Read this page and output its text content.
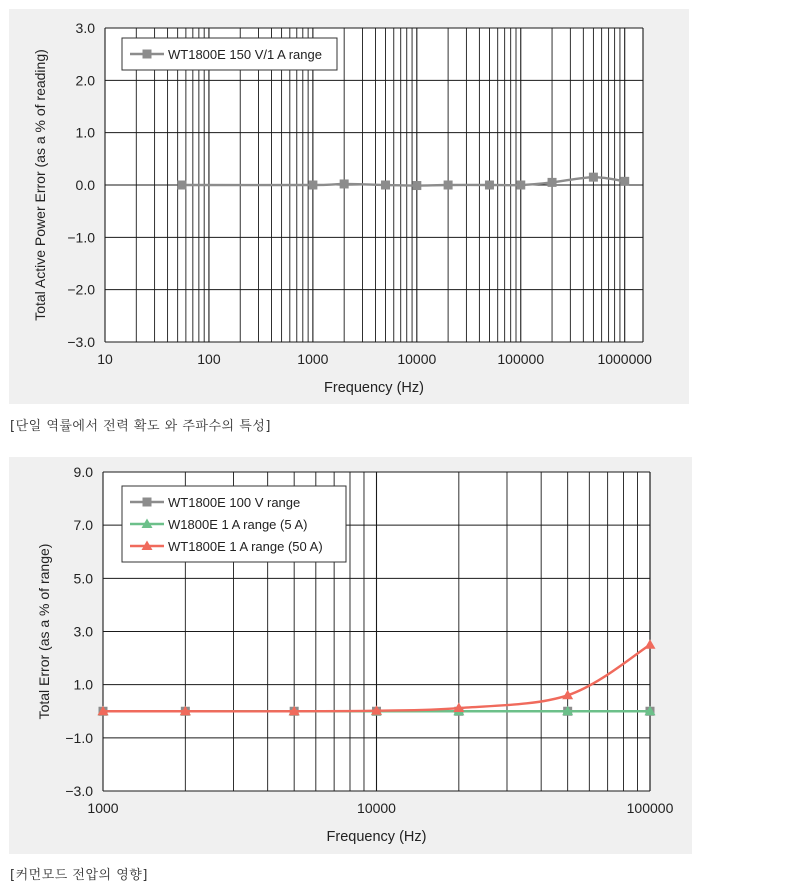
3.0
2.0
1.0
0.0
−1.0
−2.0
−3.0
10	100	1000	10000	100000	1000000
Frequency (Hz)
Total Active Power Error (as a % of reading)	WT1800E 150 V/1 A range
[단일 역률에서 전력 확도 와 주파수의 특성]
9.0
7.0
5.0
3.0
1.0
−1.0
−3.0
1000	10000	100000
Frequency (Hz)
Total Error (as a % of range)
WT1800E 100 V range
W1800E 1 A range (5 A)
WT1800E 1 A range (50 A)
[커먼모드 전압의 영향]
